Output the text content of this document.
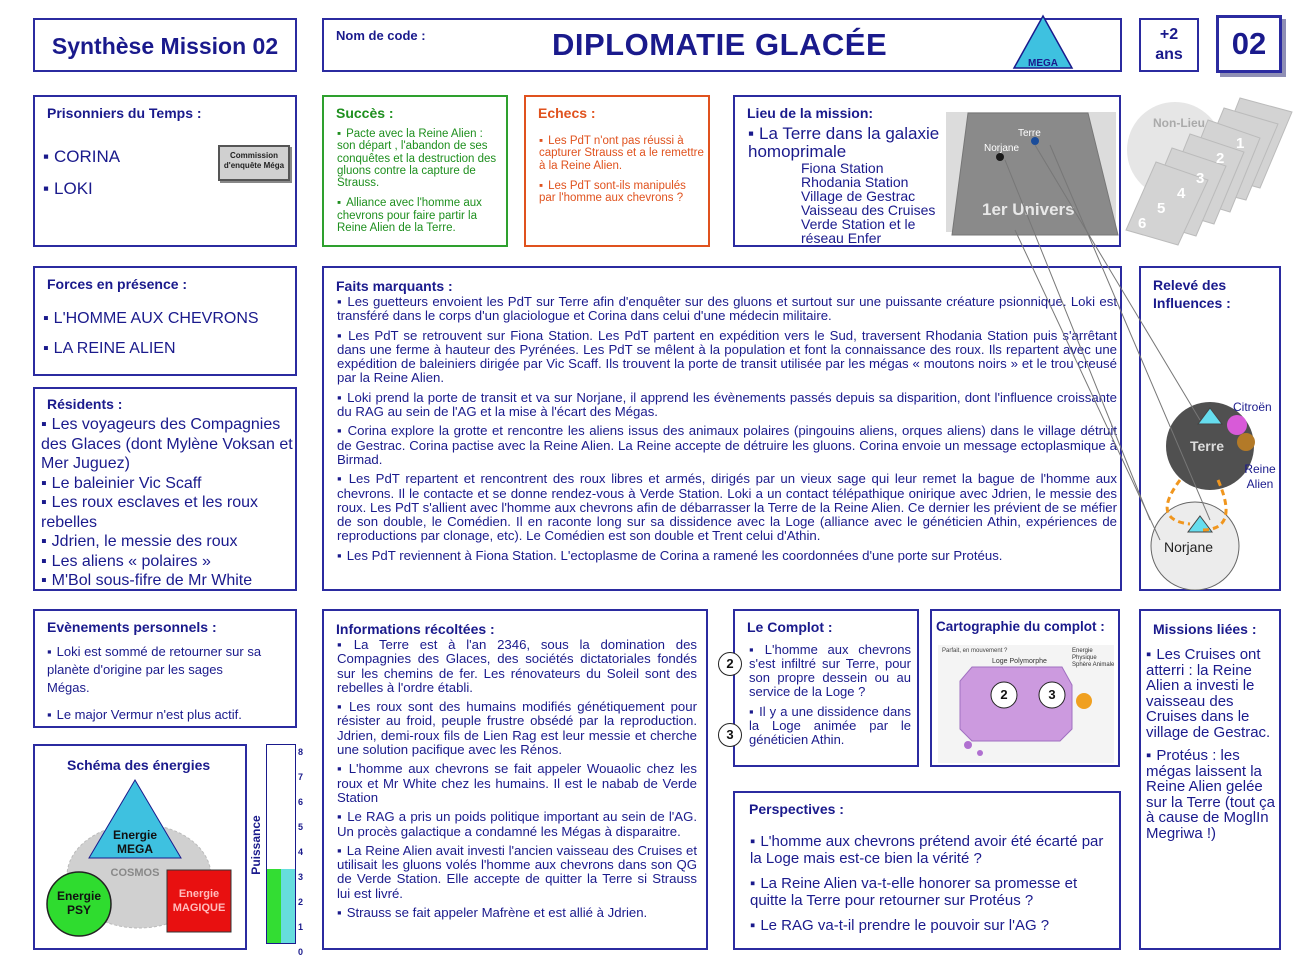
Synthèse Mission 02	Nom de code :	DIPLOMATIE GLACÉE
MEGA
+2
ans	02
Prisonniers du Temps :
▪ CORINA
▪ LOKI
Commission d'enquête Méga
Succès :
▪ Pacte avec la Reine Alien : son départ , l'abandon de ses conquêtes et la destruction des gluons contre la capture de Strauss.
▪ Alliance avec l'homme aux chevrons pour faire partir la Reine Alien de la Terre.
Echecs :
▪ Les PdT n'ont pas réussi à capturer Strauss et a le remettre à la Reine Alien.
▪ Les PdT sont-ils manipulés par l'homme aux chevrons ?
Lieu de la mission:
▪ La Terre dans la galaxie homoprimale
Fiona Station
Rhodania Station
Village de Gestrac
Vaisseau des Cruises
Verde Station et le réseau Enfer
Terre
Norjane
1er Univers
Non-Lieu
1
2
3
4
5
6
Forces en présence :
▪ L'HOMME AUX CHEVRONS
▪ LA REINE ALIEN
Résidents :
▪ Les voyageurs des Compagnies des Glaces (dont Mylène Voksan et Mer Juguez)
▪ Le baleinier Vic Scaff
▪ Les roux esclaves et les roux rebelles
▪ Jdrien, le messie des roux
▪ Les aliens « polaires »
▪ M'Bol sous-fifre de Mr White
Faits marquants :
▪ Les guetteurs envoient les PdT sur Terre afin d'enquêter sur des gluons et surtout sur une puissante créature psionnique. Loki est transféré dans le corps d'un glaciologue et Corina dans celui d'une médecin militaire.
▪ Les PdT se retrouvent sur Fiona Station. Les PdT partent en expédition vers le Sud, traversent Rhodania Station puis s'arrêtant dans une ferme à hauteur des Pyrénées. Les PdT se mêlent à la population et font la connaissance des roux. Ils repartent avec une expédition de baleiniers dirigée par Vic Scaff. Ils trouvent la porte de transit utilisée par les mégas « moutons noirs » et le trou creusé par la Reine Alien.
▪ Loki prend la porte de transit et va sur Norjane, il apprend les évènements passés depuis sa disparition, dont l'influence croissante du RAG au sein de l'AG et la mise à l'écart des Mégas.
▪ Corina explore la grotte et rencontre les aliens issus des animaux polaires (pingouins aliens, orques aliens) dans le village détruit de Gestrac. Corina pactise avec la Reine Alien. La Reine accepte de détruire les gluons. Corina envoie un message ectoplasmique à Birmad.
▪ Les PdT repartent et rencontrent des roux libres et armés, dirigés par un vieux sage qui leur remet la bague de l'homme aux chevrons. Il le contacte et se donne rendez-vous à Verde Station. Loki a un contact télépathique onirique avec Jdrien, le messie des roux. Les PdT s'allient avec l'homme aux chevrons afin de débarrasser la Terre de la Reine Alien. Ce dernier les prévient de se méfier de son double, le Comédien. Il en raconte long sur sa dissidence avec la Loge (alliance avec le généticien Athin, expériences de reproductions par clonage, etc). Le Comédien est son double et Trent celui d'Athin.
▪ Les PdT reviennent à Fiona Station. L'ectoplasme de Corina a ramené les coordonnées d'une porte sur Protéus.
Relevé des Influences :
Citroën
Terre
Reine Alien
Norjane
Evènements personnels :
▪ Loki est sommé de retourner sur sa planète d'origine par les sages Mégas.
▪ Le major Vermur n'est plus actif.
Schéma des énergies
Energie MEGA
COSMOS
Energie PSY
Energie MAGIQUE
Puissance
8
7
6
5
4
3
2
1
0
Informations récoltées :
▪ La Terre est à l'an 2346, sous la domination des Compagnies des Glaces, des sociétés dictatoriales fondés sur les chemins de fer. Les rénovateurs du Soleil sont des rebelles à l'ordre établi.
▪ Les roux sont des humains modifiés génétiquement pour résister au froid, peuple frustre obsédé par la reproduction. Jdrien, demi-roux fils de Lien Rag est leur messie et cherche une solution pacifique avec les Rénos.
▪ L'homme aux chevrons se fait appeler Wouaolic chez les roux et Mr White chez les humains. Il est le nabab de Verde Station
▪ Le RAG a pris un poids politique important au sein de l'AG. Un procès galactique a condamné les Mégas à disparaitre.
▪ La Reine Alien avait investi l'ancien vaisseau des Cruises et utilisait les gluons volés l'homme aux chevrons dans son QG de Verde Station. Elle accepte de quitter la Terre si Strauss lui est livré.
▪ Strauss se fait appeler Mafrène et est allié à Jdrien.
Le Complot :
▪ L'homme aux chevrons s'est infiltré sur Terre, pour son propre dessein ou au service de la Loge ?
▪ Il y a une dissidence dans la Loge animée par le généticien Athin.
2
3
Cartographie du complot :
Parfait, en mouvement ?
Loge Polymorphe
Energie Physique Sphère Animale
2	3
Perspectives :
▪ L'homme aux chevrons prétend avoir été écarté par la Loge mais est-ce bien la vérité ?
▪ La Reine Alien va-t-elle honorer sa promesse et quitte la Terre pour retourner sur Protéus ?
▪ Le RAG va-t-il prendre le pouvoir sur l'AG ?
Missions liées :
▪ Les Cruises ont atterri : la Reine Alien a investi le vaisseau des Cruises dans le village de Gestrac.
▪ Protéus : les mégas laissent la Reine Alien gelée sur la Terre (tout ça à cause de MoglIn Megriwa !)
